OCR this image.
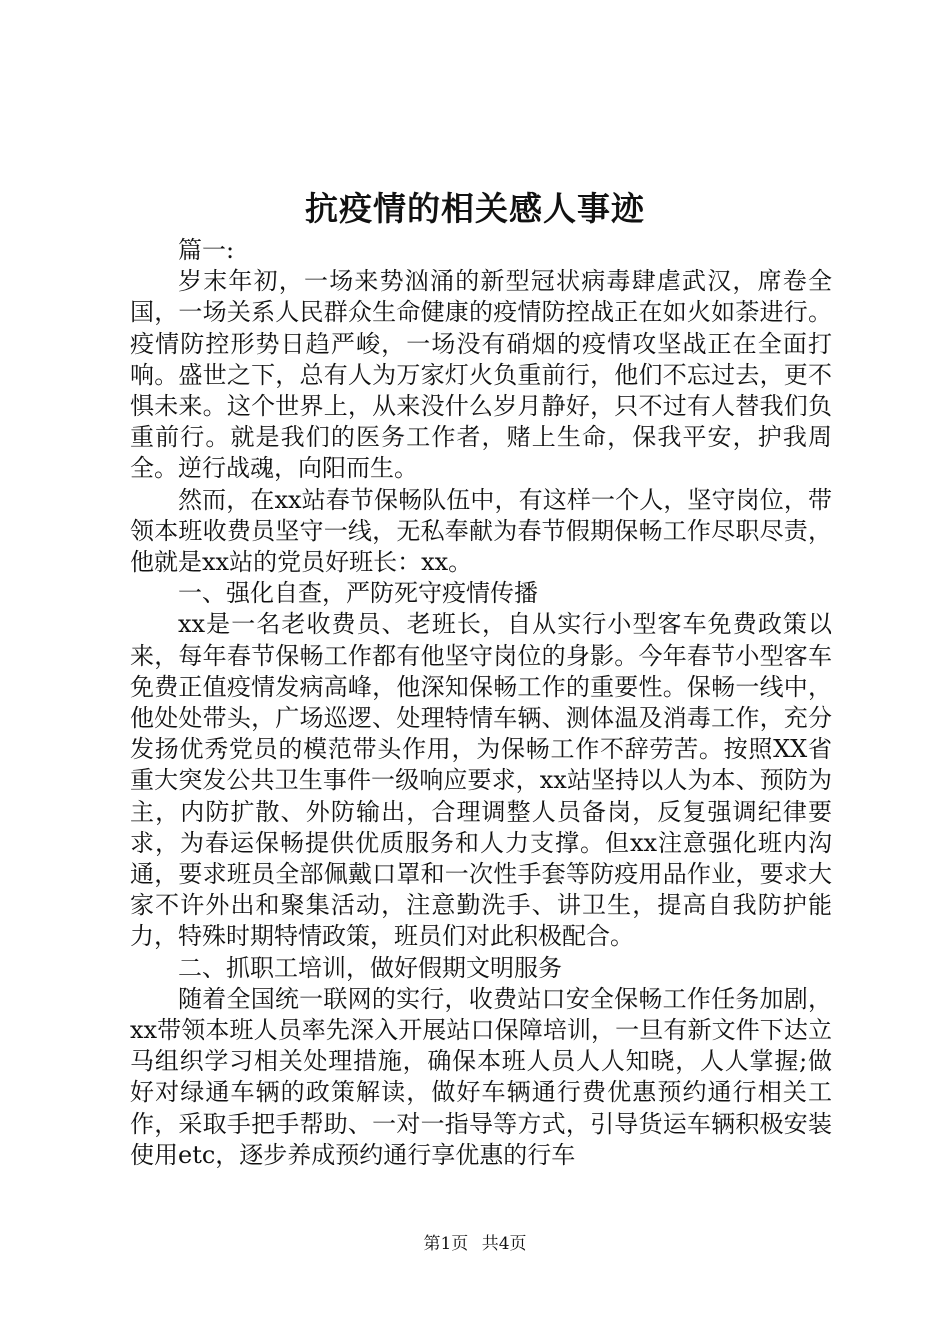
抗疫情的相关感人事迹

篇一:

岁末年初，一场来势汹涌的新型冠状病毒肆虐武汉，席卷全国，一场关系人民群众生命健康的疫情防控战正在如火如荼进行。疫情防控形势日趋严峻，一场没有硝烟的疫情攻坚战正在全面打响。盛世之下，总有人为万家灯火负重前行，他们不忘过去，更不惧未来。这个世界上，从来没什么岁月静好，只不过有人替我们负重前行。就是我们的医务工作者，赌上生命，保我平安，护我周全。逆行战魂，向阳而生。

然而，在xx站春节保畅队伍中，有这样一个人，坚守岗位，带领本班收费员坚守一线，无私奉献为春节假期保畅工作尽职尽责，他就是xx站的党员好班长：xx。

一、强化自查，严防死守疫情传播

xx是一名老收费员、老班长，自从实行小型客车免费政策以来，每年春节保畅工作都有他坚守岗位的身影。今年春节小型客车免费正值疫情发病高峰，他深知保畅工作的重要性。保畅一线中，他处处带头，广场巡逻、处理特情车辆、测体温及消毒工作，充分发扬优秀党员的模范带头作用，为保畅工作不辞劳苦。按照XX省重大突发公共卫生事件一级响应要求，xx站坚持以人为本、预防为主，内防扩散、外防输出，合理调整人员备岗，反复强调纪律要求，为春运保畅提供优质服务和人力支撑。但xx注意强化班内沟通，要求班员全部佩戴口罩和一次性手套等防疫用品作业，要求大家不许外出和聚集活动，注意勤洗手、讲卫生，提高自我防护能力，特殊时期特情政策，班员们对此积极配合。

二、抓职工培训，做好假期文明服务

随着全国统一联网的实行，收费站口安全保畅工作任务加剧，xx带领本班人员率先深入开展站口保障培训，一旦有新文件下达立马组织学习相关处理措施，确保本班人员人人知晓，人人掌握;做好对绿通车辆的政策解读，做好车辆通行费优惠预约通行相关工作，采取手把手帮助、一对一指导等方式，引导货运车辆积极安装使用etc，逐步养成预约通行享优惠的行车

第1页 共4页
